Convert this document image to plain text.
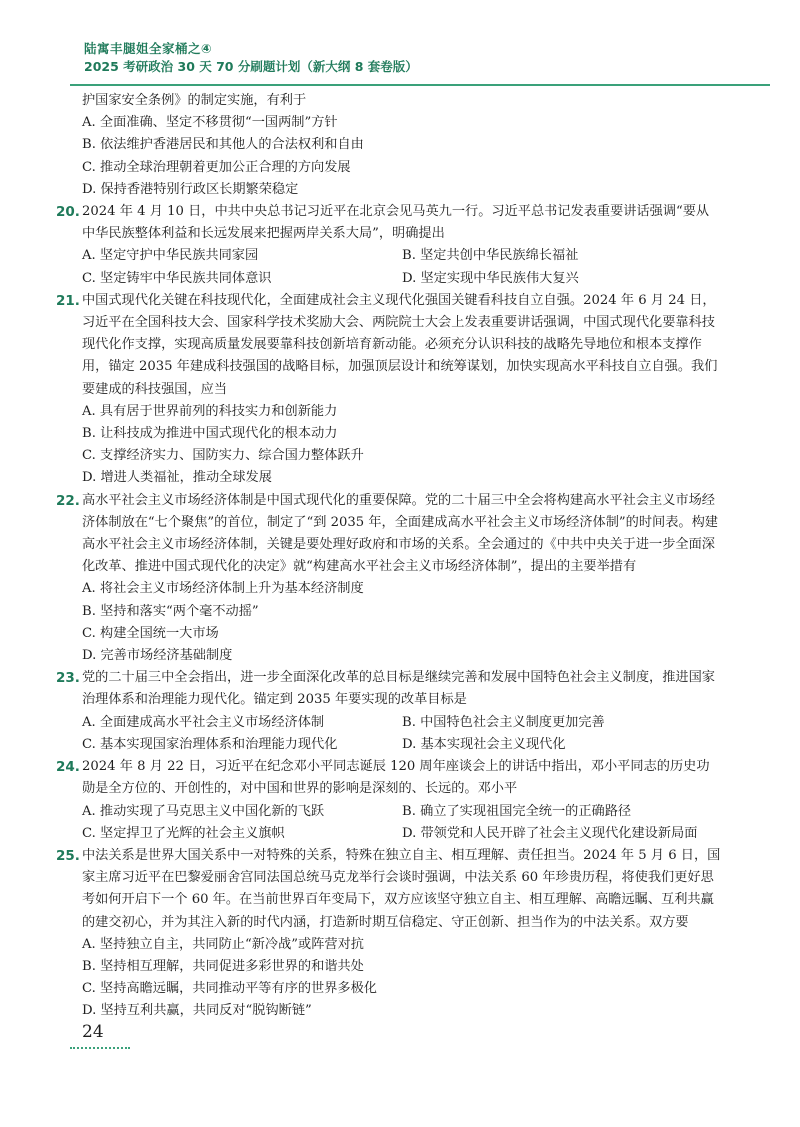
陆寓丰腿姐全家桶之④
2025 考研政治 30 天 70 分刷题计划（新大纲 8 套卷版）

护国家安全条例》的制定实施，有利于

A. 全面准确、坚定不移贯彻“一国两制”方针
B. 依法维护香港居民和其他人的合法权利和自由
C. 推动全球治理朝着更加公正合理的方向发展
D. 保持香港特别行政区长期繁荣稳定
20. 2024 年 4 月 10 日，中共中央总书记习近平在北京会见马英九一行。习近平总书记发表重要讲话强调“要从中华民族整体利益和长远发展来把握两岸关系大局”，明确提出

A. 坚定守护中华民族共同家园	B. 坚定共创中华民族绵长福祉
C. 坚定铸牢中华民族共同体意识	D. 坚定实现中华民族伟大复兴
21. 中国式现代化关键在科技现代化，全面建成社会主义现代化强国关键看科技自立自强。2024 年 6 月 24 日，习近平在全国科技大会、国家科学技术奖励大会、两院院士大会上发表重要讲话强调，中国式现代化要靠科技现代化作支撑，实现高质量发展要靠科技创新培育新动能。必须充分认识科技的战略先导地位和根本支撑作用，锚定 2035 年建成科技强国的战略目标，加强顶层设计和统筹谋划，加快实现高水平科技自立自强。我们要建成的科技强国，应当

A. 具有居于世界前列的科技实力和创新能力
B. 让科技成为推进中国式现代化的根本动力
C. 支撑经济实力、国防实力、综合国力整体跃升
D. 增进人类福祉，推动全球发展
22. 高水平社会主义市场经济体制是中国式现代化的重要保障。党的二十届三中全会将构建高水平社会主义市场经济体制放在“七个聚焦”的首位，制定了“到 2035 年，全面建成高水平社会主义市场经济体制”的时间表。构建高水平社会主义市场经济体制，关键是要处理好政府和市场的关系。全会通过的《中共中央关于进一步全面深化改革、推进中国式现代化的决定》就“构建高水平社会主义市场经济体制”，提出的主要举措有

A. 将社会主义市场经济体制上升为基本经济制度
B. 坚持和落实“两个毫不动摇”
C. 构建全国统一大市场
D. 完善市场经济基础制度
23. 党的二十届三中全会指出，进一步全面深化改革的总目标是继续完善和发展中国特色社会主义制度，推进国家治理体系和治理能力现代化。锚定到 2035 年要实现的改革目标是

A. 全面建成高水平社会主义市场经济体制	B. 中国特色社会主义制度更加完善
C. 基本实现国家治理体系和治理能力现代化	D. 基本实现社会主义现代化
24. 2024 年 8 月 22 日，习近平在纪念邓小平同志诞辰 120 周年座谈会上的讲话中指出，邓小平同志的历史功勋是全方位的、开创性的，对中国和世界的影响是深刻的、长远的。邓小平

A. 推动实现了马克思主义中国化新的飞跃	B. 确立了实现祖国完全统一的正确路径
C. 坚定捍卫了光辉的社会主义旗帜	D. 带领党和人民开辟了社会主义现代化建设新局面
25. 中法关系是世界大国关系中一对特殊的关系，特殊在独立自主、相互理解、责任担当。2024 年 5 月 6 日，国家主席习近平在巴黎爱丽舍宫同法国总统马克龙举行会谈时强调，中法关系 60 年珍贵历程，将使我们更好思考如何开启下一个 60 年。在当前世界百年变局下，双方应该坚守独立自主、相互理解、高瞻远瞩、互利共赢的建交初心，并为其注入新的时代内涵，打造新时期互信稳定、守正创新、担当作为的中法关系。双方要

A. 坚持独立自主，共同防止“新冷战”或阵营对抗
B. 坚持相互理解，共同促进多彩世界的和谐共处
C. 坚持高瞻远瞩，共同推动平等有序的世界多极化
D. 坚持互利共赢，共同反对“脱钩断链”
24
